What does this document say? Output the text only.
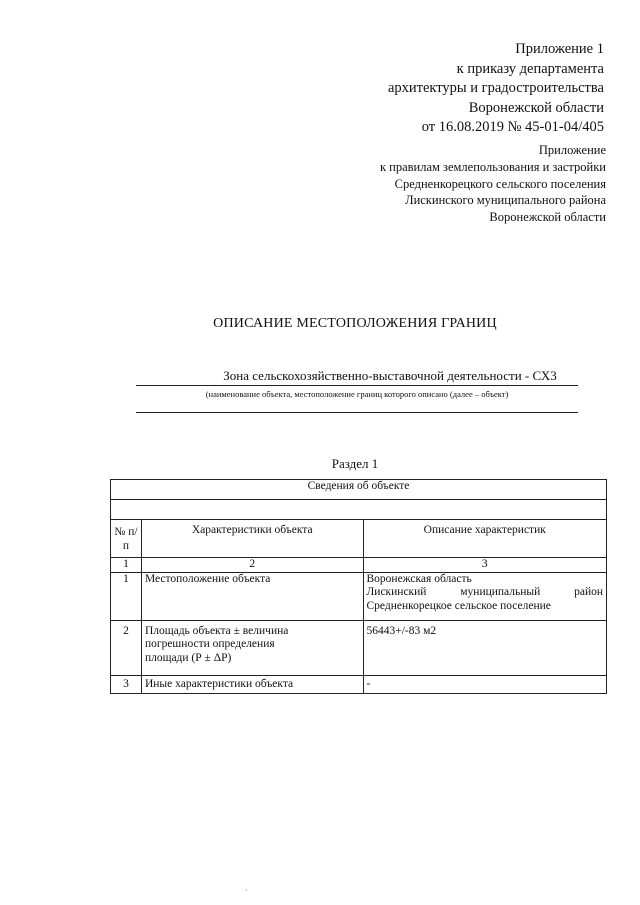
Приложение 1
к приказу департамента
архитектуры и градостроительства
Воронежской области
от 16.08.2019 № 45-01-04/405
Приложение
к правилам землепользования и застройки
Средненкорецкого сельского поселения
Лискинского муниципального района
Воронежской области
ОПИСАНИЕ МЕСТОПОЛОЖЕНИЯ ГРАНИЦ
Зона сельскохозяйственно-выставочной деятельности - СХ3
(наименование объекта, местоположение границ которого описано (далее – объект)
Раздел 1
Сведения об объекте		

№ п/п	Характеристики объекта	Описание характеристик
1	2	3
1	Местоположение объекта	Воронежская область
Лискинский муниципальный район
Средненкорецкое сельское поселение

2	Площадь объекта ± величина
погрешности определения
площади (Р ± ΔР)	56443+/-83 м2
3	Иные характеристики объекта	-
·
